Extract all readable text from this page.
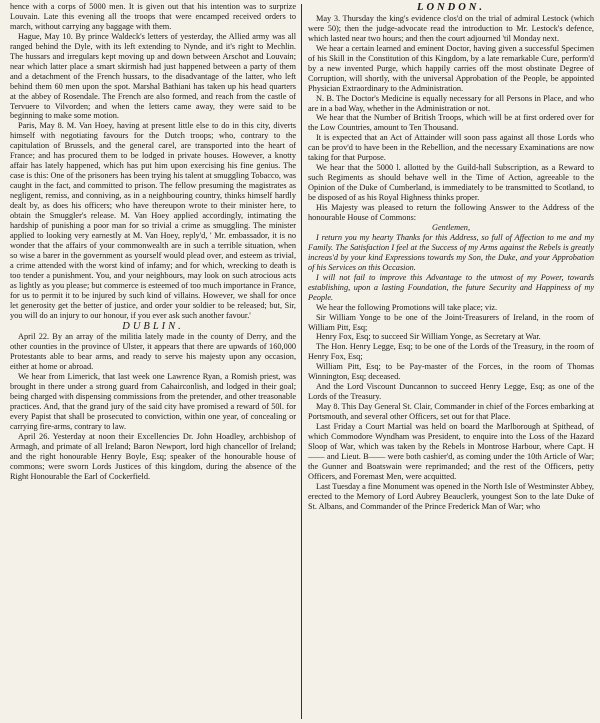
hence with a corps of 5000 men. It is given out that his intention was to surprize Louvain. Late this evening all the troops that were encamped received orders to march, without carrying any baggage with them.

Hague, May 10. By prince Waldeck's letters of yesterday, the Allied army was all ranged behind the Dyle, with its left extending to Nynde, and it's right to Mechlin. The hussars and irregulars kept moving up and down between Arschot and Louvain; near which latter place a smart skirmish had just happened between a party of them and a detachment of the French hussars, to the disadvantage of the latter, who left behind them 60 men upon the spot. Marshal Bathiani has taken up his head quarters at the abbey of Rosendale. The French are also formed, and reach from the castle of Tervuere to Vilvorden; and when the letters came away, they were said to be beginning to make some motion.

Paris, May 8. M. Van Hoey, having at present little else to do in this city, diverts himself with negotiating favours for the Dutch troops; who, contrary to the capitulation of Brussels, and the general carel, are transported into the heart of France; and has procured them to be lodged in private houses. However, a knotty affair has lately happened, which has put him upon exercising his fine genius. The case is this: One of the prisoners has been trying his talent at smuggling Tobacco, was caught in the fact, and committed to prison. The fellow presuming the magistrates as negligent, remiss, and conniving, as in a neighbouring country, thinks himself hardly dealt by, as does his officers; who have thereupon wrote to their minister here, to obtain the Smuggler's release. M. Van Hoey applied accordingly, intimating the hardship of punishing a poor man for so trivial a crime as smuggling. The minister applied to looking very earnestly at M. Van Hoey, reply'd, ' Mr. embassador, it is no wonder that the affairs of your commonwealth are in such a terrible situation, when so wise a barer in the government as yourself would plead over, and esteem as trivial, a crime attended with the worst kind of infamy; and for which, wrecking to death is too tender a punishment. You, and your neighbours, may look on such atrocious acts as lightly as you please; but commerce is esteemed of too much importance in France, for us to permit it to be injured by such kind of villains. However, we shall for once let generosity get the better of justice, and order your soldier to be released; but, Sir, you will do an injury to our honour, if you ever ask such another favour.'

DUBLIN.

April 22. By an array of the militia lately made in the county of Derry, and the other counties in the province of Ulster, it appears that there are upwards of 160,000 Protestants able to bear arms, and ready to serve his majesty upon any occasion, either at home or abroad.

We hear from Limerick, that last week one Lawrence Ryan, a Romish priest, was brought in there under a strong guard from Cahairconlish, and lodged in their goal; being charged with dispensing commissions from the pretender, and other treasonable practices. And, that the grand jury of the said city have promised a reward of 50l. for every Papist that shall be prosecuted to conviction, within one year, of concealing or carrying fire-arms, contrary to law.

April 26. Yesterday at noon their Excellencies Dr. John Hoadley, archbishop of Armagh, and primate of all Ireland; Baron Newport, lord high chancellor of Ireland; and the right honourable Henry Boyle, Esq; speaker of the honourable house of commons; were sworn Lords Justices of this kingdom, during the absence of the Right Honourable the Earl of Cockerfield.

LONDON.

May 3. Thursday the king's evidence clos'd on the trial of admiral Lestock (which were 50); then the judge-advocate read the introduction to Mr. Lestock's defence, which lasted near two hours; and then the court adjourned 'til Monday next.

We hear a certain learned and eminent Doctor, having given a successful Specimen of his Skill in the Constitution of this Kingdom, by a late remarkable Cure, perform'd by a new invented Purge, which happily carries off the most obstinate Degree of Corruption, will shortly, with the universal Approbation of the People, be appointed Physician Extraordinary to the Administration.

N. B. The Doctor's Medicine is equally necessary for all Persons in Place, and who are in a bad Way, whether in the Administration or not.

We hear that the Number of British Troops, which will be at first ordered over for the Low Countries, amount to Ten Thousand.

It is expected that an Act of Attainder will soon pass against all those Lords who can be prov'd to have been in the Rebellion, and the necessary Examinations are now taking for that Purpose.

We hear that the 5000 l. allotted by the Guild-hall Subscription, as a Reward to such Regiments as should behave well in the Time of Action, agreeable to the Opinion of the Duke of Cumberland, is immediately to be transmitted to Scotland, to be disposed of as his Royal Highness thinks proper.

His Majesty was pleased to return the following Answer to the Address of the honourable House of Commons:

Gentlemen,

I return you my hearty Thanks for this Address, so full of Affection to me and my Family. The Satisfaction I feel at the Success of my Arms against the Rebels is greatly increas'd by your kind Expressions towards my Son, the Duke, and your Approbation of his Services on this Occasion.

I will not fail to improve this Advantage to the utmost of my Power, towards establishing, upon a lasting Foundation, the future Security and Happiness of my People.

We hear the following Promotions will take place; viz.

Sir William Yonge to be one of the Joint-Treasurers of Ireland, in the room of William Pitt, Esq;

Henry Fox, Esq; to succeed Sir William Yonge, as Secretary at War.

The Hon. Henry Legge, Esq; to be one of the Lords of the Treasury, in the room of Henry Fox, Esq;

William Pitt, Esq; to be Pay-master of the Forces, in the room of Thomas Winnington, Esq; deceased.

And the Lord Viscount Duncannon to succeed Henry Legge, Esq; as one of the Lords of the Treasury.

May 8. This Day General St. Clair, Commander in chief of the Forces embarking at Portsmouth, and several other Officers, set out for that Place.

Last Friday a Court Martial was held on board the Marlborough at Spithead, of which Commodore Wyndham was President, to enquire into the Loss of the Hazard Sloop of War, which was taken by the Rebels in Montrose Harbour, where Capt. H—— and Lieut. B—— were both cashier'd, as coming under the 10th Article of War; the Gunner and Boatswain were reprimanded; and the rest of the Officers, petty Officers, and Foremast Men, were acquitted.

Last Tuesday a fine Monument was opened in the North Isle of Westminster Abbey, erected to the Memory of Lord Aubrey Beauclerk, youngest Son to the late Duke of St. Albans, and Commander of the Prince Frederick Man of War; who
